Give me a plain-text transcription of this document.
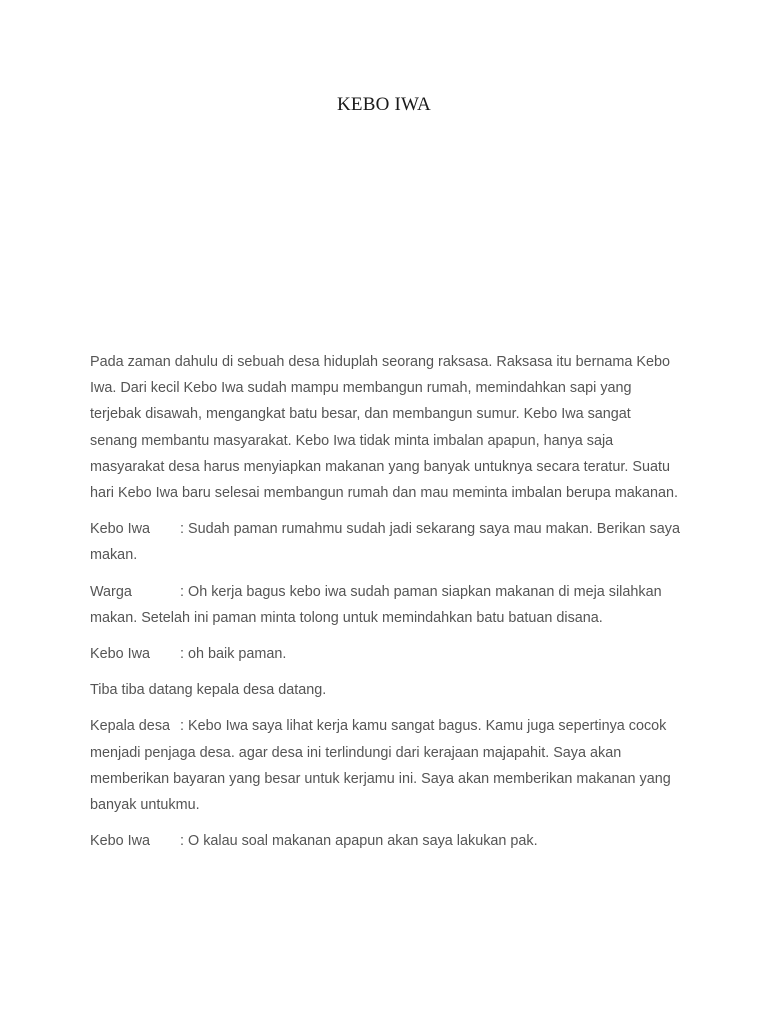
KEBO IWA

Pada zaman dahulu di sebuah desa hiduplah seorang raksasa. Raksasa itu bernama Kebo Iwa. Dari kecil Kebo Iwa sudah mampu membangun rumah, memindahkan sapi yang terjebak disawah, mengangkat batu besar, dan membangun sumur. Kebo Iwa sangat senang membantu masyarakat. Kebo Iwa tidak minta imbalan apapun, hanya saja masyarakat desa harus menyiapkan makanan yang banyak untuknya secara teratur. Suatu hari Kebo Iwa baru selesai membangun rumah dan mau meminta imbalan berupa makanan.

Kebo Iwa : Sudah paman rumahmu sudah jadi sekarang saya mau makan. Berikan saya makan.

Warga	: Oh kerja bagus kebo iwa sudah paman siapkan makanan di meja silahkan makan. Setelah ini paman minta tolong untuk memindahkan batu batuan disana.

Kebo Iwa : oh baik paman.

Tiba tiba datang kepala desa datang.

Kepala desa : Kebo Iwa saya lihat kerja kamu sangat bagus. Kamu juga sepertinya cocok menjadi penjaga desa. agar desa ini terlindungi dari kerajaan majapahit. Saya akan memberikan bayaran yang besar untuk kerjamu ini. Saya akan memberikan makanan yang banyak untukmu.

Kebo Iwa : O kalau soal makanan apapun akan saya lakukan pak.
